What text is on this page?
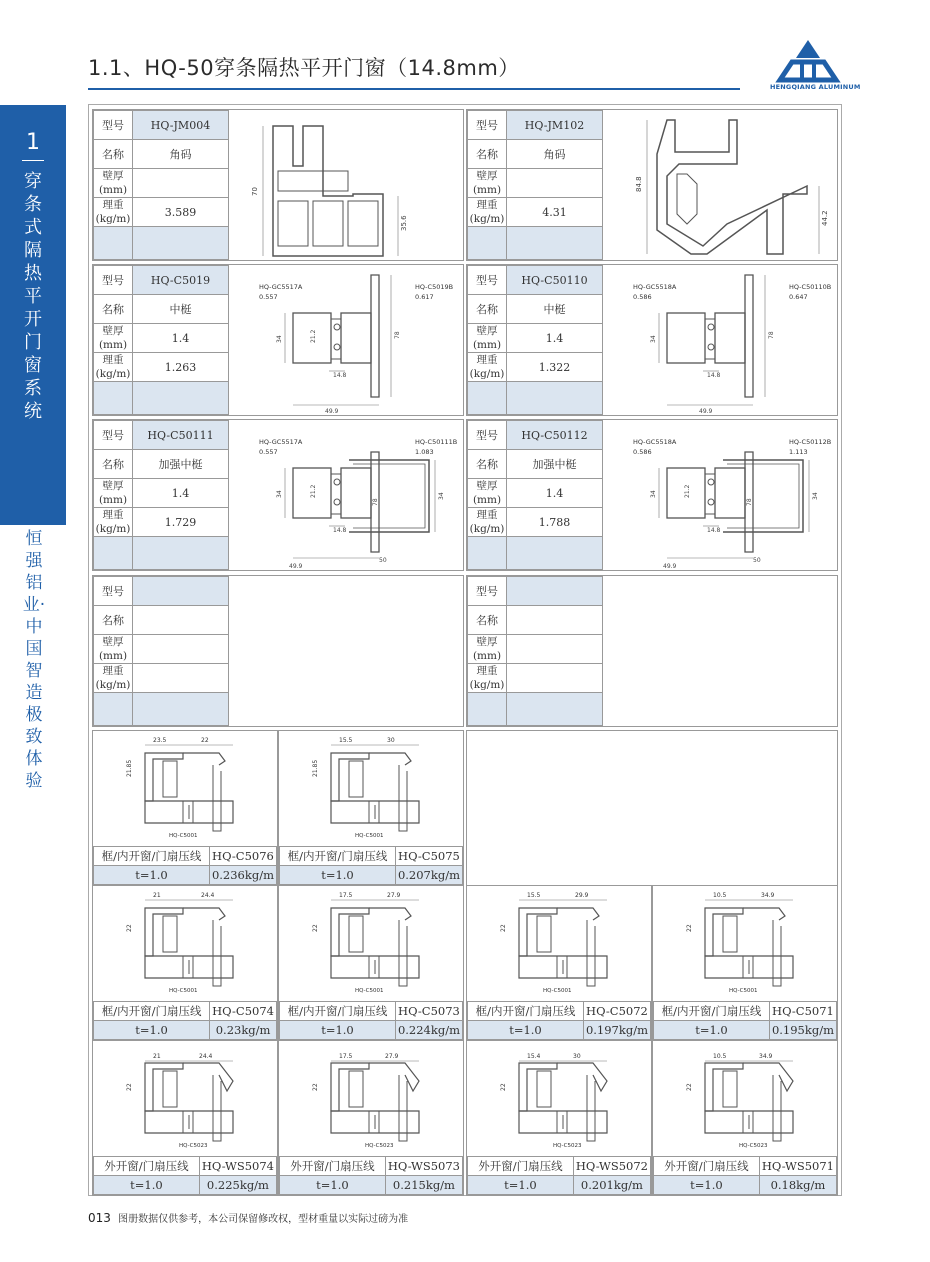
1.1、HQ-50穿条隔热平开门窗（14.8mm）
HENGQIANG ALUMINUM
1
穿条式隔热平开门窗系统
恒强铝业·中国智造 极致体验
型号	HQ-JM004
名称	角码
壁厚
(mm)	
理重
(kg/m)	3.589

70
35.6
型号	HQ-JM102
名称	角码
壁厚
(mm)	
理重
(kg/m)	4.31

84.8
44.2
型号	HQ-C5019
名称	中梃
壁厚
(mm)	1.4
理重
(kg/m)	1.263

HQ-GC5517A
0.557
HQ-C5019B
0.617
34
78
21.2
14.8
49.9
型号	HQ-C50110
名称	中梃
壁厚
(mm)	1.4
理重
(kg/m)	1.322

HQ-GC5518A
0.586
HQ-C50110B
0.647
34
78
14.8
49.9
型号	HQ-C50111
名称	加强中梃
壁厚
(mm)	1.4
理重
(kg/m)	1.729

HQ-GC5517A
0.557
HQ-C50111B
1.083
34
50
34
78
21.2
14.8
49.9
型号	HQ-C50112
名称	加强中梃
壁厚
(mm)	1.4
理重
(kg/m)	1.788

HQ-GC5518A
0.586
HQ-C50112B
1.113
34
50
34
78
21.2
14.8
49.9
型号	
名称	
壁厚
(mm)	
理重
(kg/m)	

型号	
名称	
壁厚
(mm)	
理重
(kg/m)	

23.5	22
21.85
HQ-C5001
框/内开窗/门扇压线	HQ-C5076
t=1.0	0.236kg/m
15.5	30
21.85
HQ-C5001
框/内开窗/门扇压线	HQ-C5075
t=1.0	0.207kg/m
21	24.4
22
HQ-C5001
框/内开窗/门扇压线	HQ-C5074
t=1.0	0.23kg/m
17.5	27.9
22
HQ-C5001
框/内开窗/门扇压线	HQ-C5073
t=1.0	0.224kg/m
15.5	29.9
22
HQ-C5001
框/内开窗/门扇压线	HQ-C5072
t=1.0	0.197kg/m
10.5	34.9
22
HQ-C5001
框/内开窗/门扇压线	HQ-C5071
t=1.0	0.195kg/m
21	24.4
22
HQ-C5023
外开窗/门扇压线	HQ-WS5074
t=1.0	0.225kg/m
17.5	27.9
22
HQ-C5023
外开窗/门扇压线	HQ-WS5073
t=1.0	0.215kg/m
15.4	30
22
HQ-C5023
外开窗/门扇压线	HQ-WS5072
t=1.0	0.201kg/m
10.5	34.9
22
HQ-C5023
外开窗/门扇压线	HQ-WS5071
t=1.0	0.18kg/m
013 图册数据仅供参考，本公司保留修改权，型材重量以实际过磅为准
